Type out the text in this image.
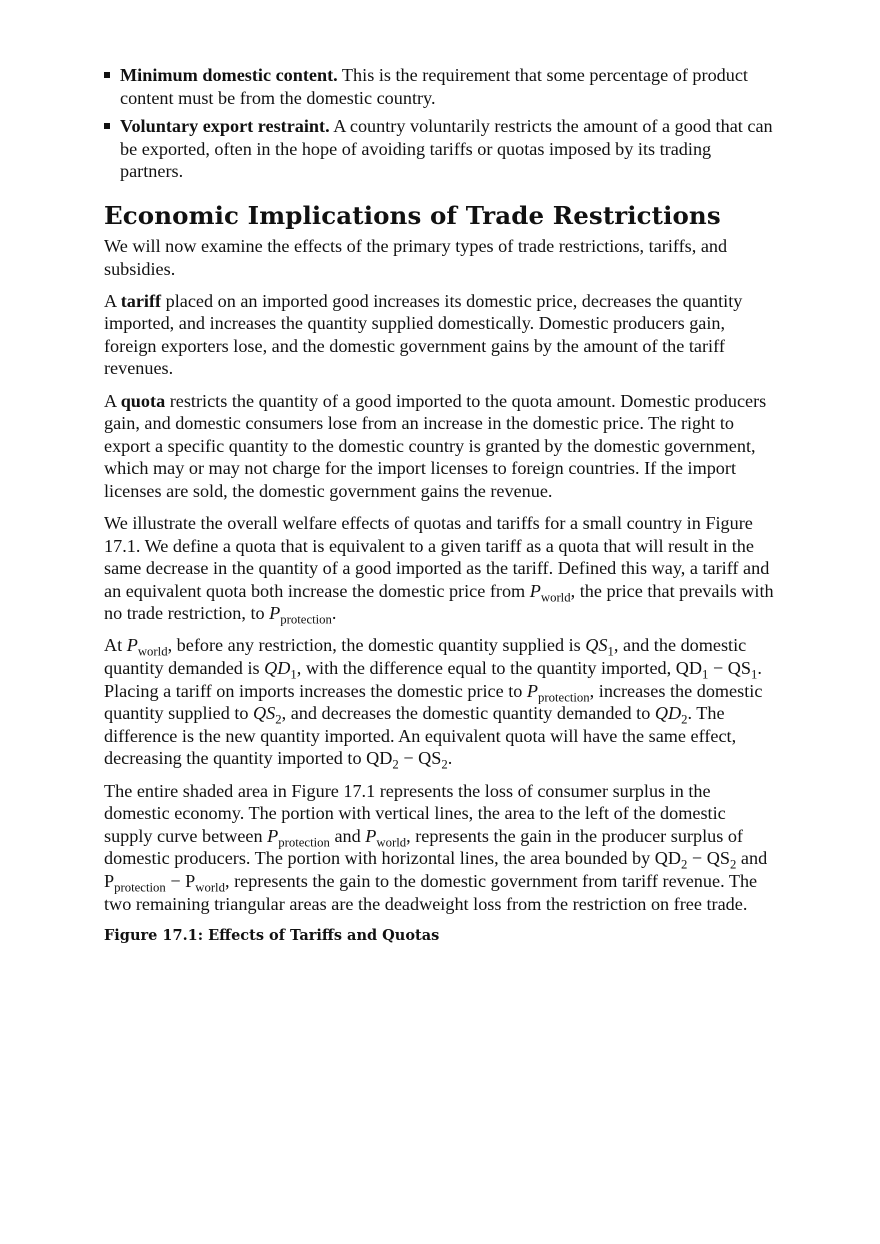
Minimum domestic content. This is the requirement that some percentage of product content must be from the domestic country.
Voluntary export restraint. A country voluntarily restricts the amount of a good that can be exported, often in the hope of avoiding tariffs or quotas imposed by its trading partners.
Economic Implications of Trade Restrictions

We will now examine the effects of the primary types of trade restrictions, tariffs, and subsidies.

A tariff placed on an imported good increases its domestic price, decreases the quantity imported, and increases the quantity supplied domestically. Domestic producers gain, foreign exporters lose, and the domestic government gains by the amount of the tariff revenues.

A quota restricts the quantity of a good imported to the quota amount. Domestic producers gain, and domestic consumers lose from an increase in the domestic price. The right to export a specific quantity to the domestic country is granted by the domestic government, which may or may not charge for the import licenses to foreign countries. If the import licenses are sold, the domestic government gains the revenue.

We illustrate the overall welfare effects of quotas and tariffs for a small country in Figure 17.1. We define a quota that is equivalent to a given tariff as a quota that will result in the same decrease in the quantity of a good imported as the tariff. Defined this way, a tariff and an equivalent quota both increase the domestic price from $P_{world}$, the price that prevails with no trade restriction, to $P_{protection}$.

At $P_{world}$, before any restriction, the domestic quantity supplied is $QS_1$, and the domestic quantity demanded is $QD_1$, with the difference equal to the quantity imported, $QD_1 - QS_1$. Placing a tariff on imports increases the domestic price to $P_{protection}$, increases the domestic quantity supplied to $QS_2$, and decreases the domestic quantity demanded to $QD_2$. The difference is the new quantity imported. An equivalent quota will have the same effect, decreasing the quantity imported to $QD_2 - QS_2$.

The entire shaded area in Figure 17.1 represents the loss of consumer surplus in the domestic economy. The portion with vertical lines, the area to the left of the domestic supply curve between $P_{protection}$ and $P_{world}$, represents the gain in the producer surplus of domestic producers. The portion with horizontal lines, the area bounded by $QD_2 - QS_2$ and $P_{protection} - P_{world}$, represents the gain to the domestic government from tariff revenue. The two remaining triangular areas are the deadweight loss from the restriction on free trade.

Figure 17.1: Effects of Tariffs and Quotas
